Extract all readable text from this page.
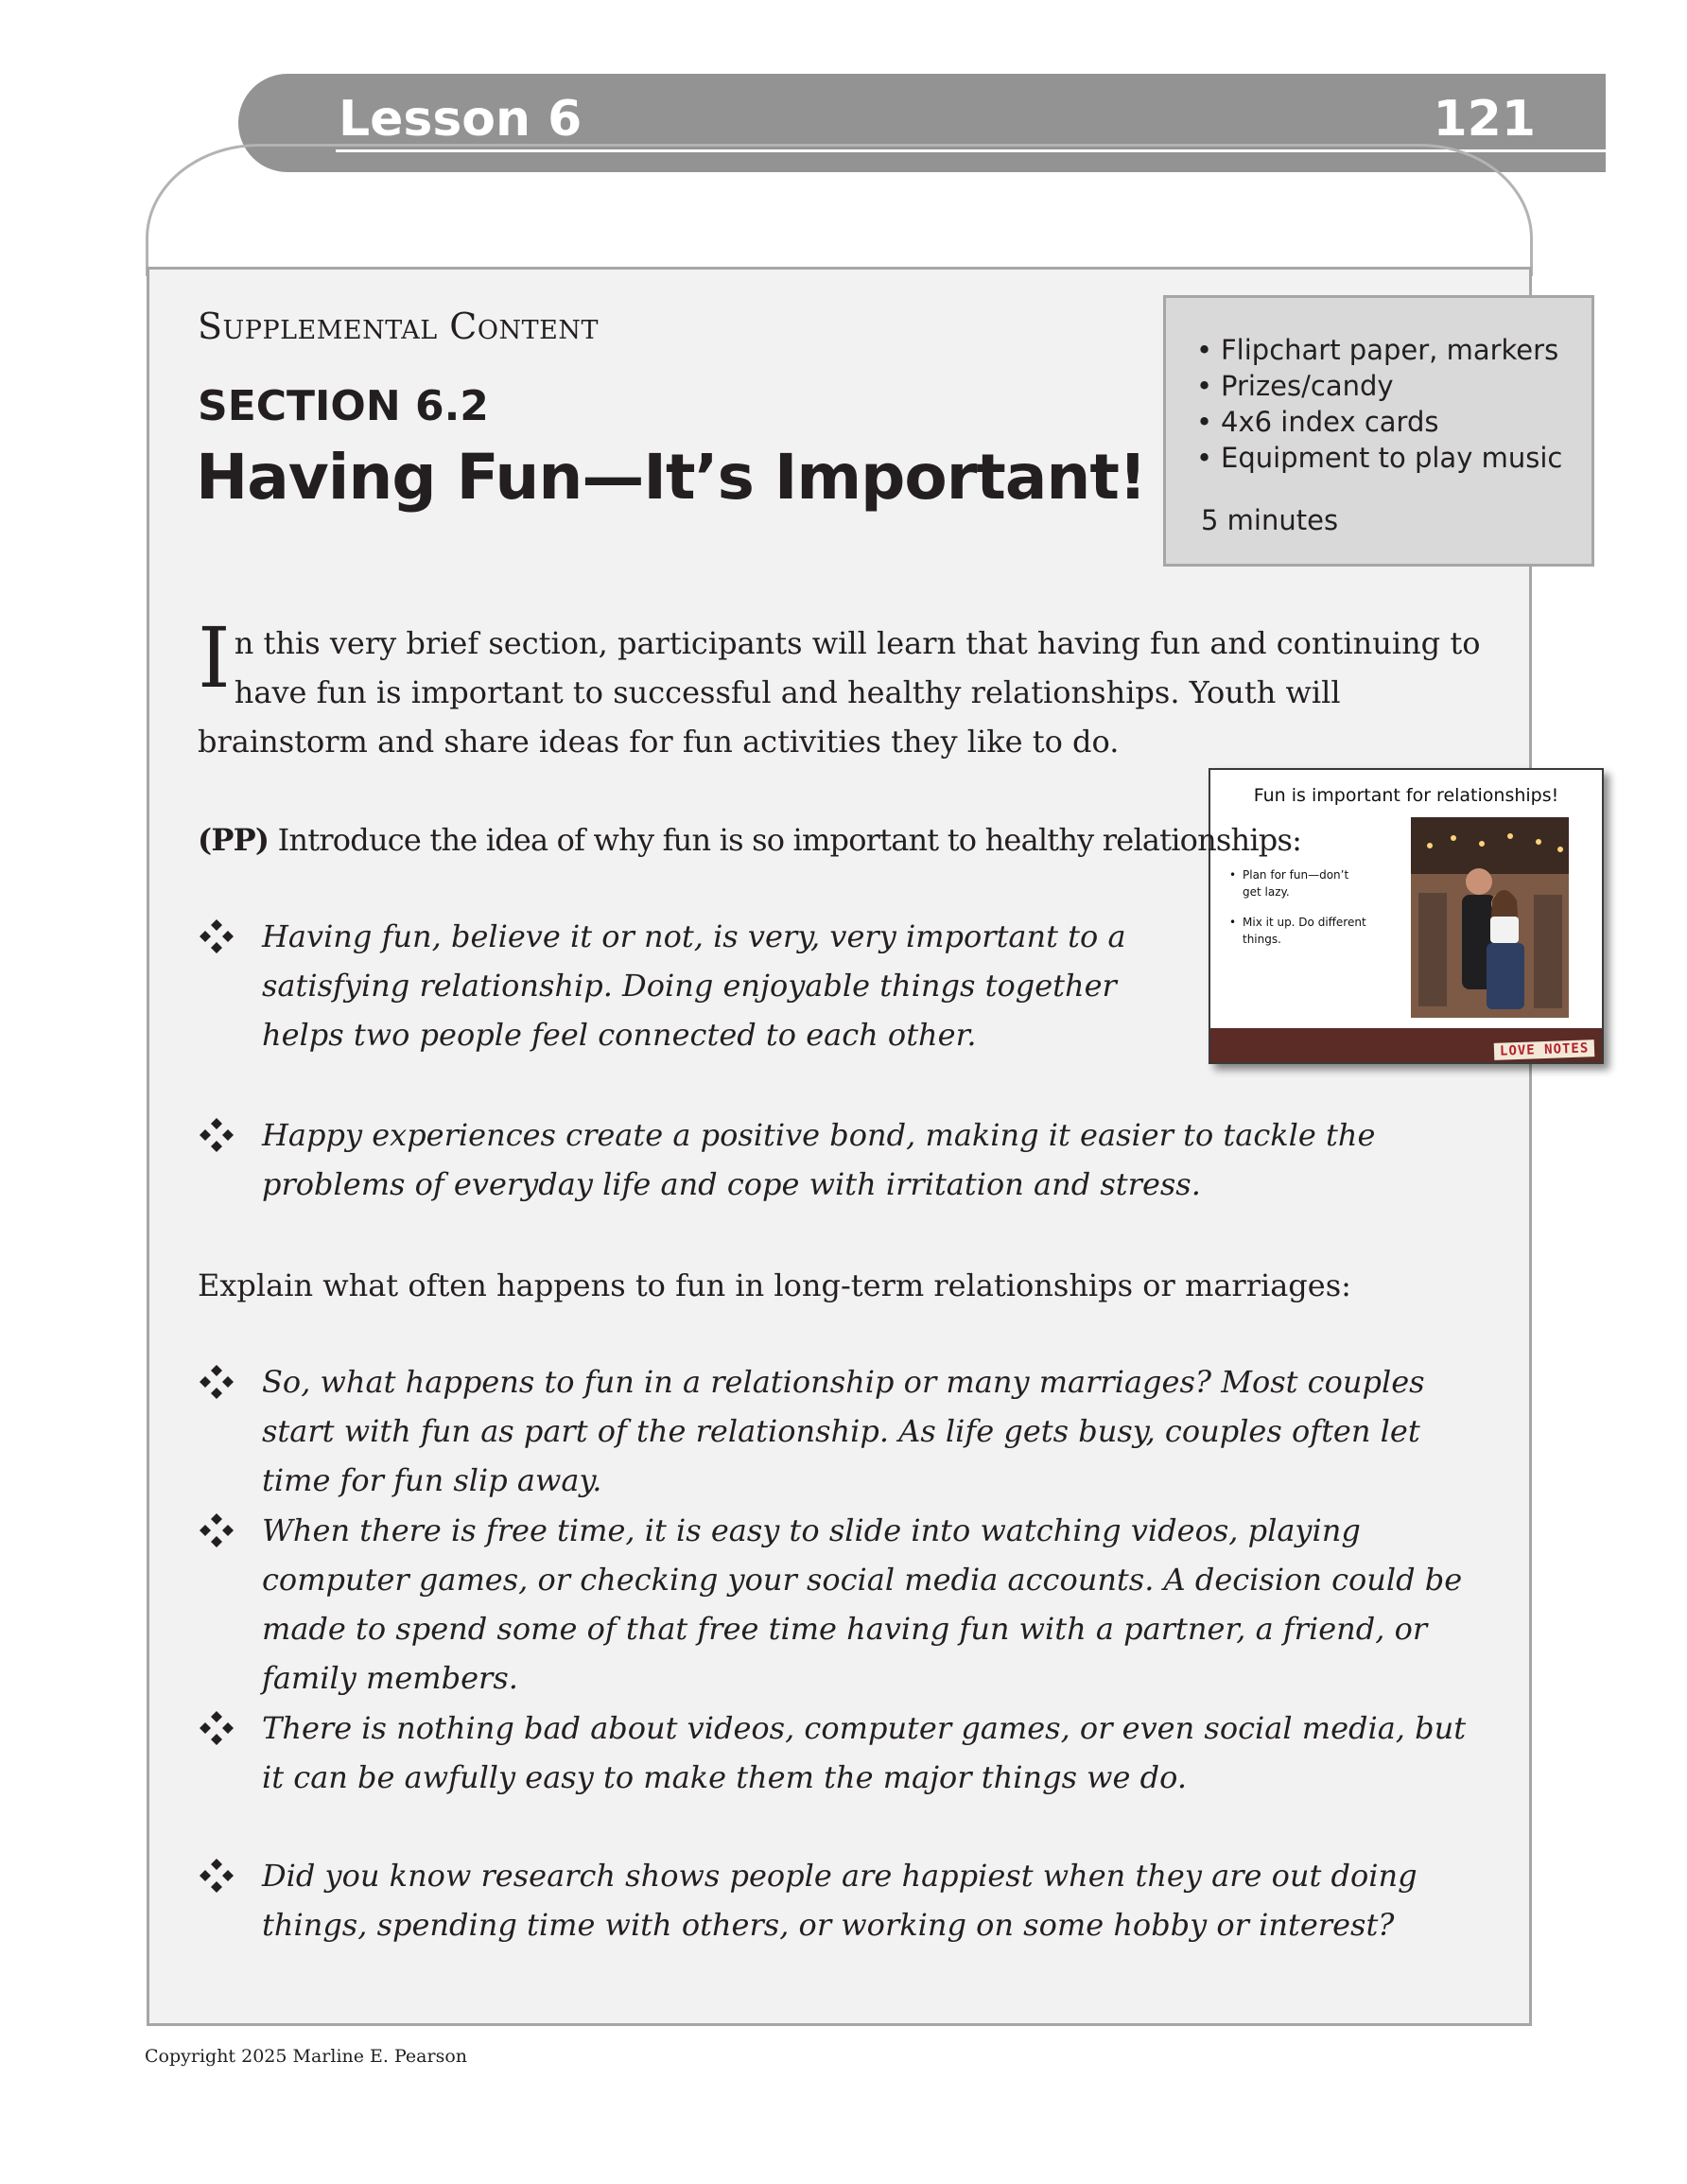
Lesson 6	121
Supplemental Content
SECTION 6.2
Having Fun—It’s Important!
• Flipchart paper, markers
• Prizes/candy
• 4x6 index cards
• Equipment to play music
5 minutes
In this very brief section, participants will learn that having fun and continuing to have fun is important to successful and healthy relationships. Youth will brainstorm and share ideas for fun activities they like to do.
Fun is important for relationships!
• Plan for fun—don’t get lazy.
• Mix it up. Do different things.
LOVE NOTES
(PP) Introduce the idea of why fun is so important to healthy relationships:
Having fun, believe it or not, is very, very important to a satisfying relationship. Doing enjoyable things together helps two people feel connected to each other.
Happy experiences create a positive bond, making it easier to tackle the problems of everyday life and cope with irritation and stress.
Explain what often happens to fun in long-term relationships or marriages:
So, what happens to fun in a relationship or many marriages? Most couples start with fun as part of the relationship. As life gets busy, couples often let time for fun slip away.
When there is free time, it is easy to slide into watching videos, playing computer games, or checking your social media accounts. A decision could be made to spend some of that free time having fun with a partner, a friend, or family members.
There is nothing bad about videos, computer games, or even social media, but it can be awfully easy to make them the major things we do.
Did you know research shows people are happiest when they are out doing things, spending time with others, or working on some hobby or interest?
Copyright 2025 Marline E. Pearson
